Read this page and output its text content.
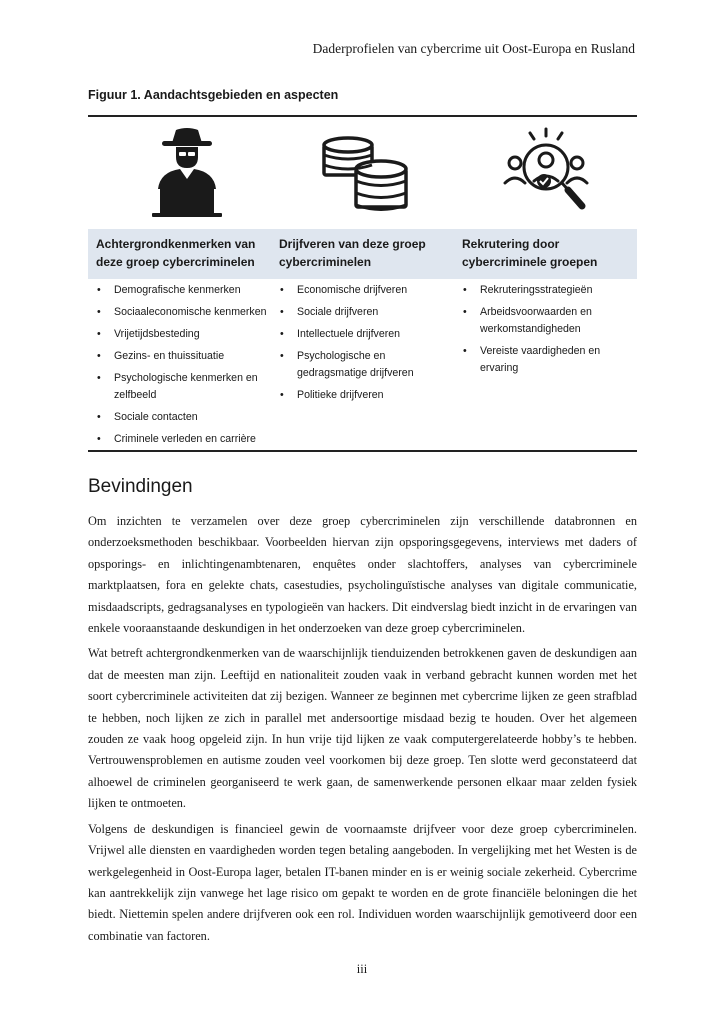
Daderprofielen van cybercrime uit Oost-Europa en Rusland
Figuur 1. Aandachtsgebieden en aspecten
Achtergrondkenmerken van deze groep cybercriminelen
Drijfveren van deze groep cybercriminelen
Rekrutering door cybercriminele groepen
• Demografische kenmerken
• Sociaaleconomische kenmerken
• Vrijetijdsbesteding
• Gezins- en thuissituatie
• Psychologische kenmerken en zelfbeeld
• Sociale contacten
• Criminele verleden en carrière
• Economische drijfveren
• Sociale drijfveren
• Intellectuele drijfveren
• Psychologische en gedragsmatige drijfveren
• Politieke drijfveren
• Rekruteringsstrategieën
• Arbeidsvoorwaarden en werkomstandigheden
• Vereiste vaardigheden en ervaring
Bevindingen

Om inzichten te verzamelen over deze groep cybercriminelen zijn verschillende databronnen en onderzoeksmethoden beschikbaar. Voorbeelden hiervan zijn opsporingsgegevens, interviews met daders of opsporings- en inlichtingenambtenaren, enquêtes onder slachtoffers, analyses van cybercriminele marktplaatsen, fora en gelekte chats, casestudies, psycholinguïstische analyses van digitale communicatie, misdaadscripts, gedragsanalyses en typologieën van hackers. Dit eindverslag biedt inzicht in de ervaringen van enkele vooraanstaande deskundigen in het onderzoeken van deze groep cybercriminelen.

Wat betreft achtergrondkenmerken van de waarschijnlijk tienduizenden betrokkenen gaven de deskundigen aan dat de meesten man zijn. Leeftijd en nationaliteit zouden vaak in verband gebracht kunnen worden met het soort cybercriminele activiteiten dat zij bezigen. Wanneer ze beginnen met cybercrime lijken ze geen strafblad te hebben, noch lijken ze zich in parallel met andersoortige misdaad bezig te houden. Over het algemeen zouden ze vaak hoog opgeleid zijn. In hun vrije tijd lijken ze vaak computergerelateerde hobby’s te hebben. Vertrouwensproblemen en autisme zouden veel voorkomen bij deze groep. Ten slotte werd geconstateerd dat alhoewel de criminelen georganiseerd te werk gaan, de samenwerkende personen elkaar maar zelden fysiek lijken te ontmoeten.

Volgens de deskundigen is financieel gewin de voornaamste drijfveer voor deze groep cybercriminelen. Vrijwel alle diensten en vaardigheden worden tegen betaling aangeboden. In vergelijking met het Westen is de werkgelegenheid in Oost-Europa lager, betalen IT-banen minder en is er weinig sociale zekerheid. Cybercrime kan aantrekkelijk zijn vanwege het lage risico om gepakt te worden en de grote financiële beloningen die het biedt. Niettemin spelen andere drijfveren ook een rol. Individuen worden waarschijnlijk gemotiveerd door een combinatie van factoren.

iii
